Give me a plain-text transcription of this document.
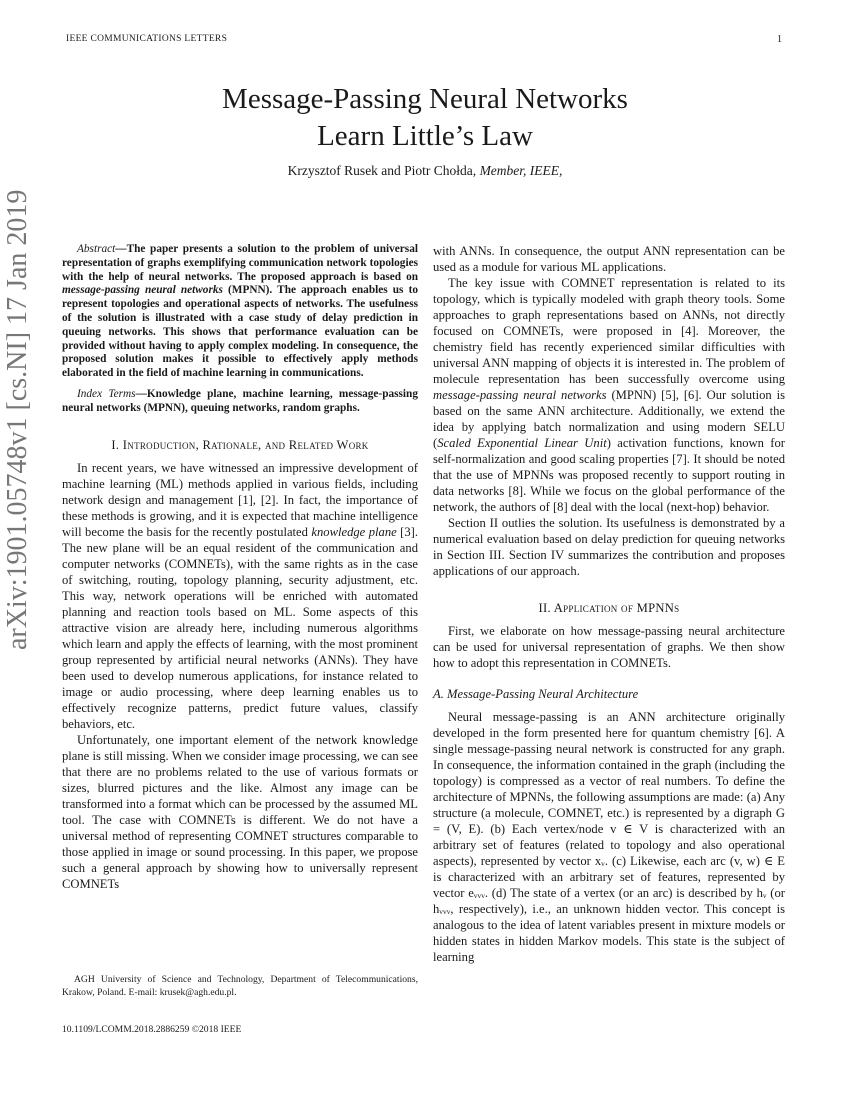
IEEE COMMUNICATIONS LETTERS	1
arXiv:1901.05748v1 [cs.NI] 17 Jan 2019
Message-Passing Neural Networks
Learn Little’s Law
Krzysztof Rusek and Piotr Chołda, Member, IEEE,

Abstract—The paper presents a solution to the problem of universal representation of graphs exemplifying communication network topologies with the help of neural networks. The proposed approach is based on message-passing neural networks (MPNN). The approach enables us to represent topologies and operational aspects of networks. The usefulness of the solution is illustrated with a case study of delay prediction in queuing networks. This shows that performance evaluation can be provided without having to apply complex modeling. In consequence, the proposed solution makes it possible to effectively apply methods elaborated in the field of machine learning in communications.

Index Terms—Knowledge plane, machine learning, message-passing neural networks (MPNN), queuing networks, random graphs.

I. Introduction, Rationale, and Related Work

In recent years, we have witnessed an impressive development of machine learning (ML) methods applied in various fields, including network design and management [1], [2]. In fact, the importance of these methods is growing, and it is expected that machine intelligence will become the basis for the recently postulated knowledge plane [3]. The new plane will be an equal resident of the communication and computer networks (COMNETs), with the same rights as in the case of switching, routing, topology planning, security adjustment, etc. This way, network operations will be enriched with automated planning and reaction tools based on ML. Some aspects of this attractive vision are already here, including numerous algorithms which learn and apply the effects of learning, with the most prominent group represented by artificial neural networks (ANNs). They have been used to develop numerous applications, for instance related to image or audio processing, where deep learning enables us to effectively recognize patterns, predict future values, classify behaviors, etc.

Unfortunately, one important element of the network knowledge plane is still missing. When we consider image processing, we can see that there are no problems related to the use of various formats or sizes, blurred pictures and the like. Almost any image can be transformed into a format which can be processed by the assumed ML tool. The case with COMNETs is different. We do not have a universal method of representing COMNET structures comparable to those applied in image or sound processing. In this paper, we propose such a general approach by showing how to universally represent COMNETs

AGH University of Science and Technology, Department of Telecommunications, Krakow, Poland. E-mail: krusek@agh.edu.pl.
10.1109/LCOMM.2018.2886259 ©2018 IEEE

with ANNs. In consequence, the output ANN representation can be used as a module for various ML applications.

The key issue with COMNET representation is related to its topology, which is typically modeled with graph theory tools. Some approaches to graph representations based on ANNs, not directly focused on COMNETs, were proposed in [4]. Moreover, the chemistry field has recently experienced similar difficulties with universal ANN mapping of objects it is interested in. The problem of molecule representation has been successfully overcome using message-passing neural networks (MPNN) [5], [6]. Our solution is based on the same ANN architecture. Additionally, we extend the idea by applying batch normalization and using modern SELU (Scaled Exponential Linear Unit) activation functions, known for self-normalization and good scaling properties [7]. It should be noted that the use of MPNNs was proposed recently to support routing in data networks [8]. While we focus on the global performance of the network, the authors of [8] deal with the local (next-hop) behavior.

Section II outlies the solution. Its usefulness is demonstrated by a numerical evaluation based on delay prediction for queuing networks in Section III. Section IV summarizes the contribution and proposes applications of our approach.

II. Application of MPNNs

First, we elaborate on how message-passing neural architecture can be used for universal representation of graphs. We then show how to adopt this representation in COMNETs.

A. Message-Passing Neural Architecture

Neural message-passing is an ANN architecture originally developed in the form presented here for quantum chemistry [6]. A single message-passing neural network is constructed for any graph. In consequence, the information contained in the graph (including the topology) is compressed as a vector of real numbers. To define the architecture of MPNNs, the following assumptions are made: (a) Any structure (a molecule, COMNET, etc.) is represented by a digraph G = (V, E). (b) Each vertex/node v ∈ V is characterized with an arbitrary set of features (related to topology and also operational aspects), represented by vector xᵥ. (c) Likewise, each arc (v, w) ∈ E is characterized with an arbitrary set of features, represented by vector eᵥᵥᵥ. (d) The state of a vertex (or an arc) is described by hᵥ (or hᵥᵥᵥ, respectively), i.e., an unknown hidden vector. This concept is analogous to the idea of latent variables present in mixture models or hidden states in hidden Markov models. This state is the subject of learning
